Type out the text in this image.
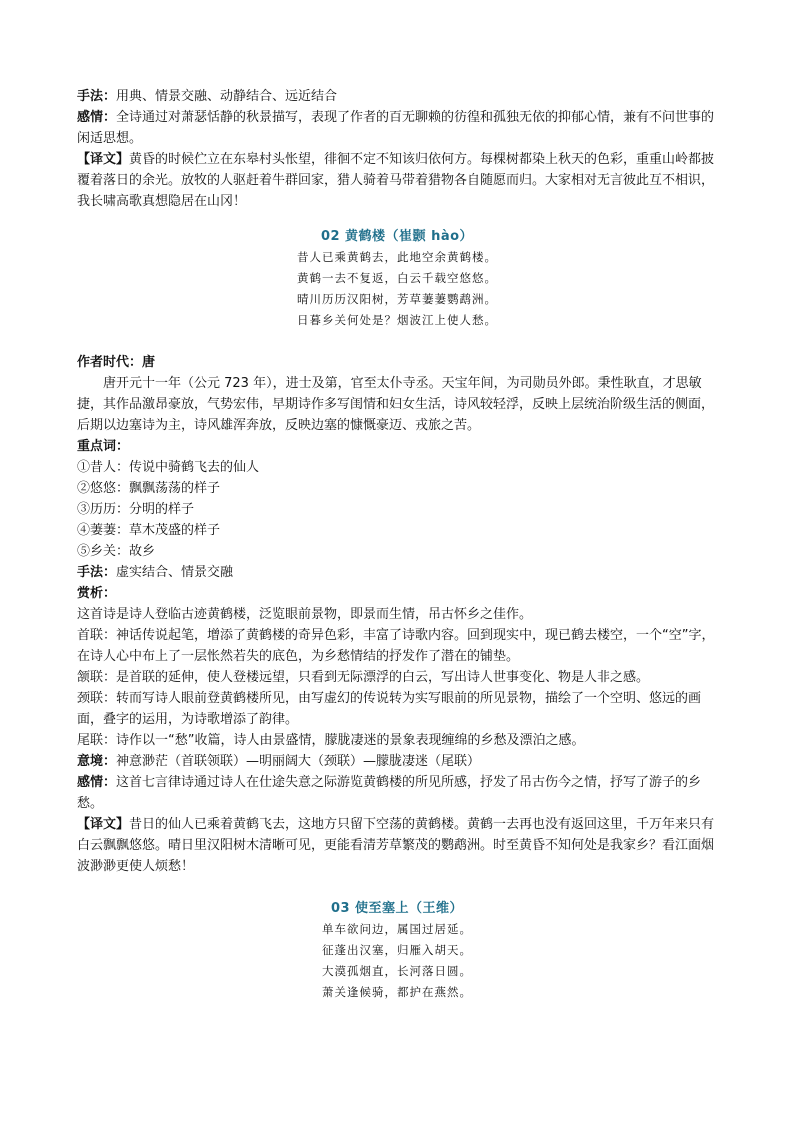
手法：用典、情景交融、动静结合、远近结合

感情：全诗通过对萧瑟恬静的秋景描写，表现了作者的百无聊赖的彷徨和孤独无依的抑郁心情，兼有不问世事的闲适思想。

【译文】黄昏的时候伫立在东皋村头怅望，徘徊不定不知该归依何方。每棵树都染上秋天的色彩，重重山岭都披覆着落日的余光。放牧的人驱赶着牛群回家，猎人骑着马带着猎物各自随愿而归。大家相对无言彼此互不相识，我长啸高歌真想隐居在山冈！

02 黄鹤楼（崔颢 hào）

昔人已乘黄鹤去，此地空余黄鹤楼。

黄鹤一去不复返，白云千载空悠悠。

晴川历历汉阳树，芳草萋萋鹦鹉洲。

日暮乡关何处是？烟波江上使人愁。

作者时代：唐

唐开元十一年（公元 723 年），进士及第，官至太仆寺丞。天宝年间，为司勋员外郎。秉性耿直，才思敏捷，其作品激昂豪放，气势宏伟，早期诗作多写闺情和妇女生活，诗风较轻浮，反映上层统治阶级生活的侧面，后期以边塞诗为主，诗风雄浑奔放，反映边塞的慷慨豪迈、戎旅之苦。

重点词：

①昔人：传说中骑鹤飞去的仙人

②悠悠：飘飘荡荡的样子

③历历：分明的样子

④萋萋：草木茂盛的样子

⑤乡关：故乡

手法：虚实结合、情景交融

赏析：

这首诗是诗人登临古迹黄鹤楼，泛览眼前景物，即景而生情，吊古怀乡之佳作。

首联：神话传说起笔，增添了黄鹤楼的奇异色彩，丰富了诗歌内容。回到现实中，现已鹤去楼空，一个“空”字，在诗人心中布上了一层怅然若失的底色，为乡愁情结的抒发作了潜在的铺垫。

颔联：是首联的延伸，使人登楼远望，只看到无际漂浮的白云，写出诗人世事变化、物是人非之感。

颈联：转而写诗人眼前登黄鹤楼所见，由写虚幻的传说转为实写眼前的所见景物，描绘了一个空明、悠远的画面，叠字的运用，为诗歌增添了韵律。

尾联：诗作以一“愁”收篇，诗人由景盛情，朦胧凄迷的景象表现缠绵的乡愁及漂泊之感。

意境：神意渺茫（首联领联）—明丽阔大（颈联）—朦胧凄迷（尾联）

感情：这首七言律诗通过诗人在仕途失意之际游览黄鹤楼的所见所感，抒发了吊古伤今之情，抒写了游子的乡愁。

【译文】昔日的仙人已乘着黄鹤飞去，这地方只留下空荡的黄鹤楼。黄鹤一去再也没有返回这里，千万年来只有白云飘飘悠悠。晴日里汉阳树木清晰可见，更能看清芳草繁茂的鹦鹉洲。时至黄昏不知何处是我家乡？看江面烟波渺渺更使人烦愁！

03 使至塞上（王维）

单车欲问边，属国过居延。

征蓬出汉塞，归雁入胡天。

大漠孤烟直，长河落日圆。

萧关逢候骑，都护在燕然。
